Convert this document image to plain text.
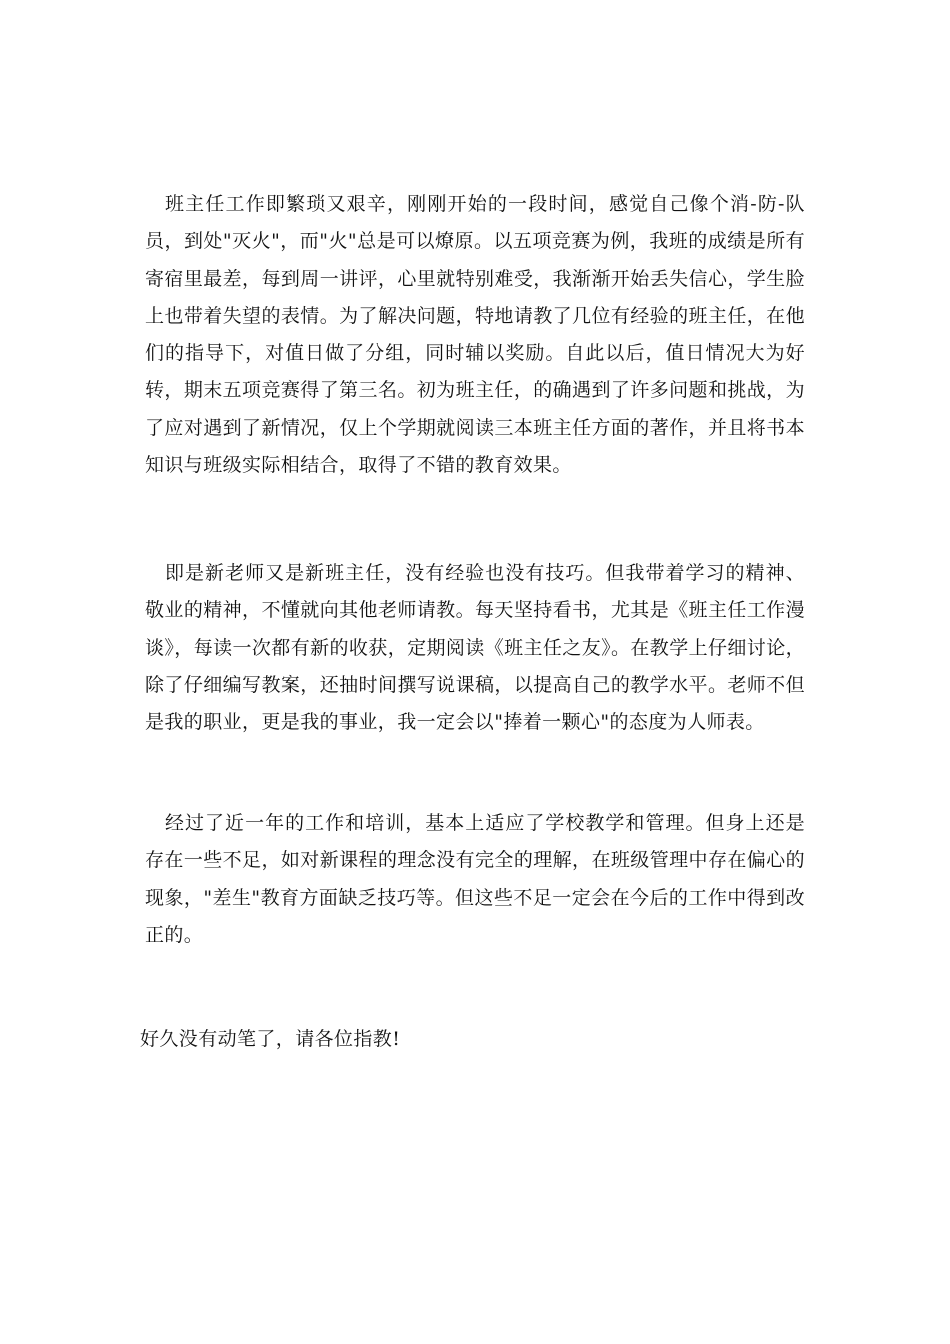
班主任工作即繁琐又艰辛，刚刚开始的一段时间，感觉自己像个消-防-队员，到处"灭火"，而"火"总是可以燎原。以五项竞赛为例，我班的成绩是所有寄宿里最差，每到周一讲评，心里就特别难受，我渐渐开始丢失信心，学生脸上也带着失望的表情。为了解决问题，特地请教了几位有经验的班主任，在他们的指导下，对值日做了分组，同时辅以奖励。自此以后，值日情况大为好转，期末五项竞赛得了第三名。初为班主任，的确遇到了许多问题和挑战，为了应对遇到了新情况，仅上个学期就阅读三本班主任方面的著作，并且将书本知识与班级实际相结合，取得了不错的教育效果。

即是新老师又是新班主任，没有经验也没有技巧。但我带着学习的精神、敬业的精神，不懂就向其他老师请教。每天坚持看书，尤其是《班主任工作漫谈》，每读一次都有新的收获，定期阅读《班主任之友》。在教学上仔细讨论，除了仔细编写教案，还抽时间撰写说课稿，以提高自己的教学水平。老师不但是我的职业，更是我的事业，我一定会以"捧着一颗心"的态度为人师表。

经过了近一年的工作和培训，基本上适应了学校教学和管理。但身上还是存在一些不足，如对新课程的理念没有完全的理解，在班级管理中存在偏心的现象，"差生"教育方面缺乏技巧等。但这些不足一定会在今后的工作中得到改正的。

好久没有动笔了，请各位指教!
